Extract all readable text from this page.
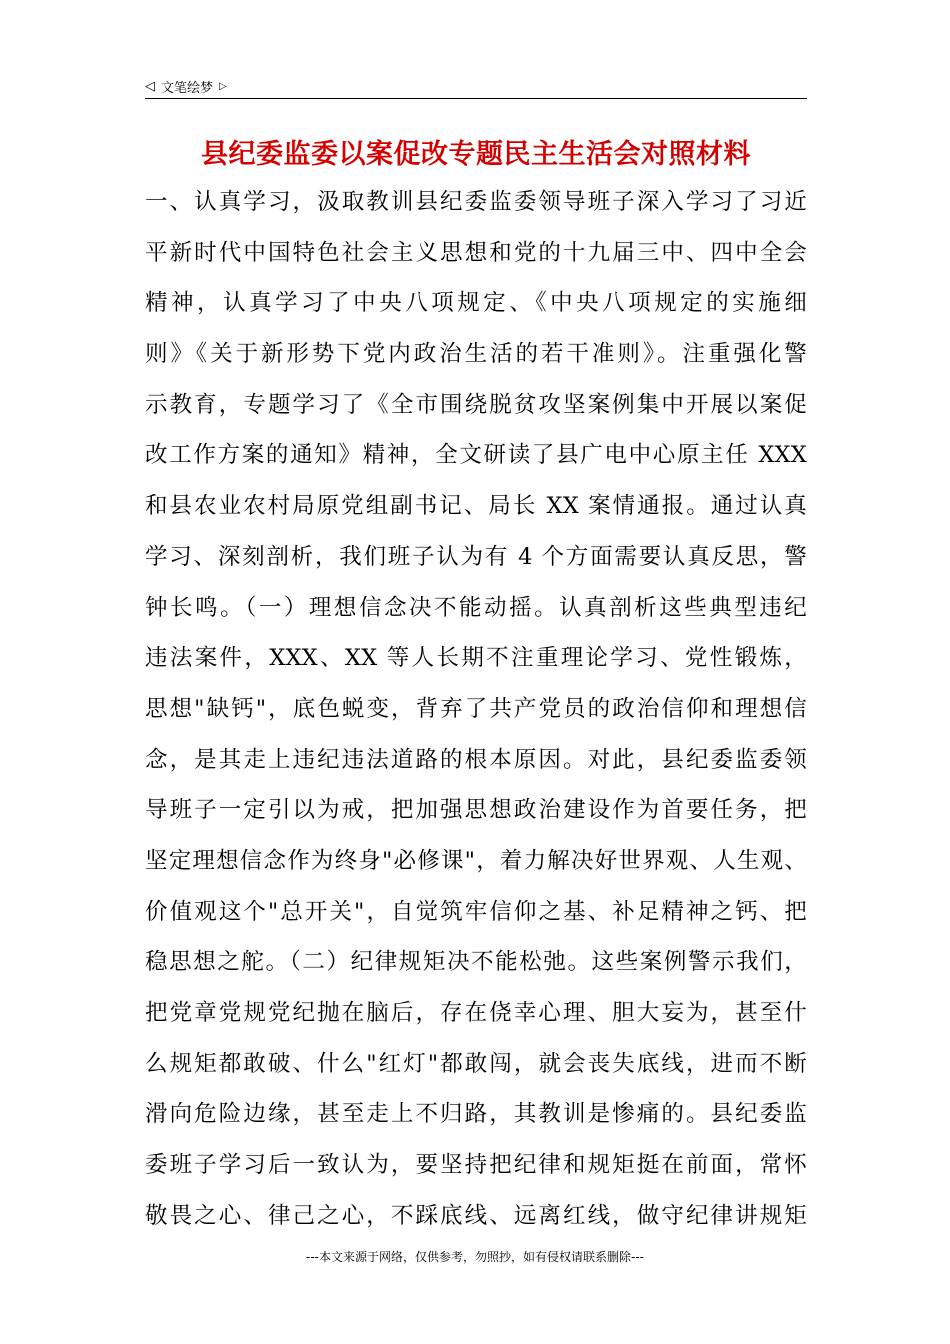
◁ 文笔绘梦 ▷
县纪委监委以案促改专题民主生活会对照材料
一、认真学习，汲取教训县纪委监委领导班子深入学习了习近
平新时代中国特色社会主义思想和党的十九届三中、四中全会
精神，认真学习了中央八项规定、《中央八项规定的实施细
则》《关于新形势下党内政治生活的若干准则》。注重强化警
示教育，专题学习了《全市围绕脱贫攻坚案例集中开展以案促
改工作方案的通知》精神，全文研读了县广电中心原主任 XXX
和县农业农村局原党组副书记、局长 XX 案情通报。通过认真
学习、深刻剖析，我们班子认为有 4 个方面需要认真反思，警
钟长鸣。（一）理想信念决不能动摇。认真剖析这些典型违纪
违法案件，XXX、XX 等人长期不注重理论学习、党性锻炼，
思想"缺钙"，底色蜕变，背弃了共产党员的政治信仰和理想信
念，是其走上违纪违法道路的根本原因。对此，县纪委监委领
导班子一定引以为戒，把加强思想政治建设作为首要任务，把
坚定理想信念作为终身"必修课"，着力解决好世界观、人生观、
价值观这个"总开关"，自觉筑牢信仰之基、补足精神之钙、把
稳思想之舵。（二）纪律规矩决不能松弛。这些案例警示我们，
把党章党规党纪抛在脑后，存在侥幸心理、胆大妄为，甚至什
么规矩都敢破、什么"红灯"都敢闯，就会丧失底线，进而不断
滑向危险边缘，甚至走上不归路，其教训是惨痛的。县纪委监
委班子学习后一致认为，要坚持把纪律和规矩挺在前面，常怀
敬畏之心、律己之心，不踩底线、远离红线，做守纪律讲规矩
---本文来源于网络，仅供参考，勿照抄，如有侵权请联系删除---
